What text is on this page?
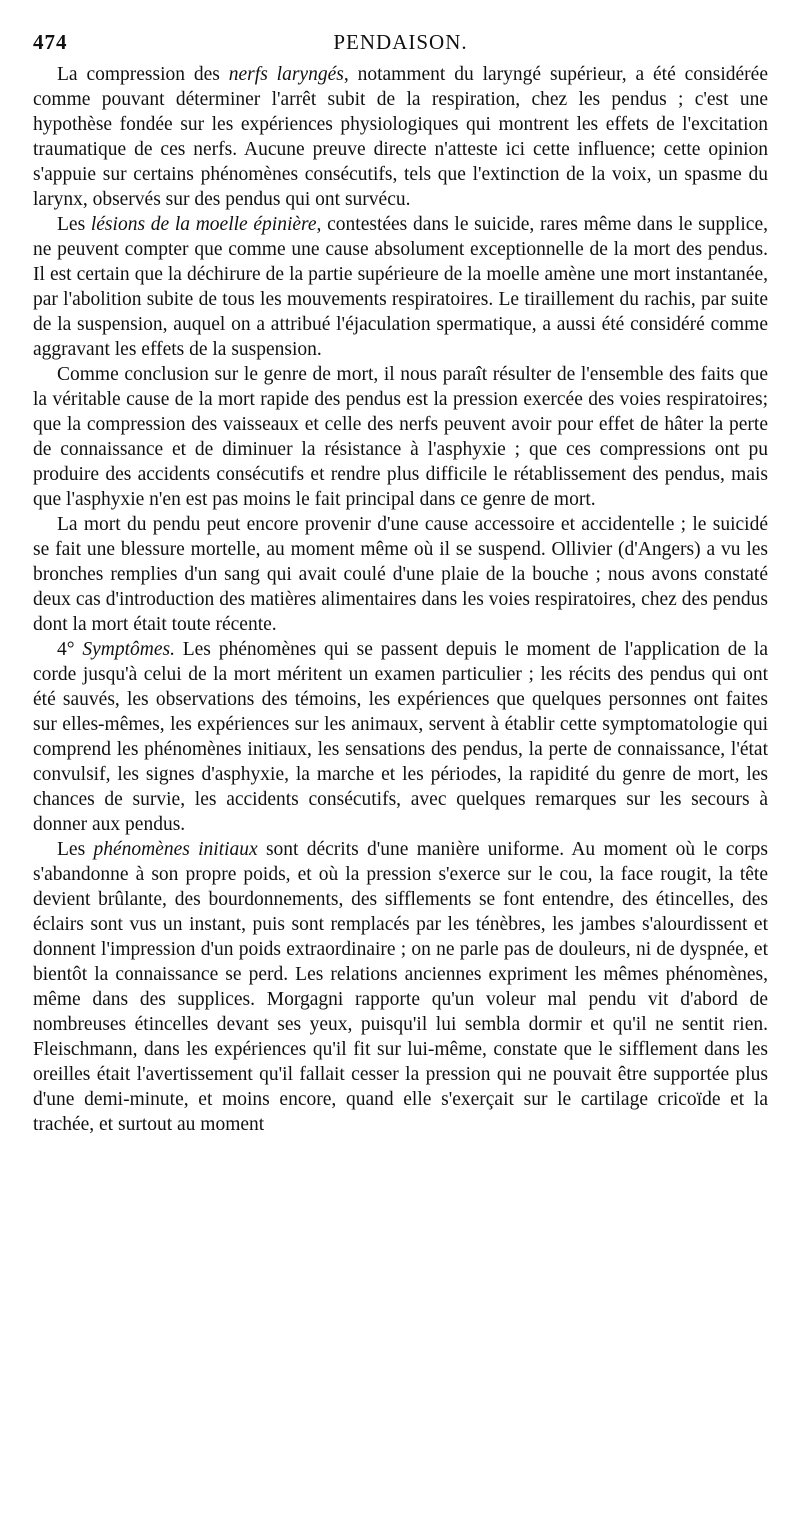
474	PENDAISON.

La compression des nerfs laryngés, notamment du laryngé supérieur, a été considérée comme pouvant déterminer l'arrêt subit de la respiration, chez les pendus ; c'est une hypothèse fondée sur les expériences physiologiques qui montrent les effets de l'excitation traumatique de ces nerfs. Aucune preuve directe n'atteste ici cette influence; cette opinion s'appuie sur certains phénomènes consécutifs, tels que l'extinction de la voix, un spasme du larynx, observés sur des pendus qui ont survécu.

Les lésions de la moelle épinière, contestées dans le suicide, rares même dans le supplice, ne peuvent compter que comme une cause absolument exceptionnelle de la mort des pendus. Il est certain que la déchirure de la partie supérieure de la moelle amène une mort instantanée, par l'abolition subite de tous les mouvements respiratoires. Le tiraillement du rachis, par suite de la suspension, auquel on a attribué l'éjaculation spermatique, a aussi été considéré comme aggravant les effets de la suspension.

Comme conclusion sur le genre de mort, il nous paraît résulter de l'ensemble des faits que la véritable cause de la mort rapide des pendus est la pression exercée des voies respiratoires; que la compression des vaisseaux et celle des nerfs peuvent avoir pour effet de hâter la perte de connaissance et de diminuer la résistance à l'asphyxie ; que ces compressions ont pu produire des accidents consécutifs et rendre plus difficile le rétablissement des pendus, mais que l'asphyxie n'en est pas moins le fait principal dans ce genre de mort.

La mort du pendu peut encore provenir d'une cause accessoire et accidentelle ; le suicidé se fait une blessure mortelle, au moment même où il se suspend. Ollivier (d'Angers) a vu les bronches remplies d'un sang qui avait coulé d'une plaie de la bouche ; nous avons constaté deux cas d'introduction des matières alimentaires dans les voies respiratoires, chez des pendus dont la mort était toute récente.

4° Symptômes. Les phénomènes qui se passent depuis le moment de l'application de la corde jusqu'à celui de la mort méritent un examen particulier ; les récits des pendus qui ont été sauvés, les observations des témoins, les expériences que quelques personnes ont faites sur elles-mêmes, les expériences sur les animaux, servent à établir cette symptomatologie qui comprend les phénomènes initiaux, les sensations des pendus, la perte de connaissance, l'état convulsif, les signes d'asphyxie, la marche et les périodes, la rapidité du genre de mort, les chances de survie, les accidents consécutifs, avec quelques remarques sur les secours à donner aux pendus.

Les phénomènes initiaux sont décrits d'une manière uniforme. Au moment où le corps s'abandonne à son propre poids, et où la pression s'exerce sur le cou, la face rougit, la tête devient brûlante, des bourdonnements, des sifflements se font entendre, des étincelles, des éclairs sont vus un instant, puis sont remplacés par les ténèbres, les jambes s'alourdissent et donnent l'impression d'un poids extraordinaire ; on ne parle pas de douleurs, ni de dyspnée, et bientôt la connaissance se perd. Les relations anciennes expriment les mêmes phénomènes, même dans des supplices. Morgagni rapporte qu'un voleur mal pendu vit d'abord de nombreuses étincelles devant ses yeux, puisqu'il lui sembla dormir et qu'il ne sentit rien. Fleischmann, dans les expériences qu'il fit sur lui-même, constate que le sifflement dans les oreilles était l'avertissement qu'il fallait cesser la pression qui ne pouvait être supportée plus d'une demi-minute, et moins encore, quand elle s'exerçait sur le cartilage cricoïde et la trachée, et surtout au moment
